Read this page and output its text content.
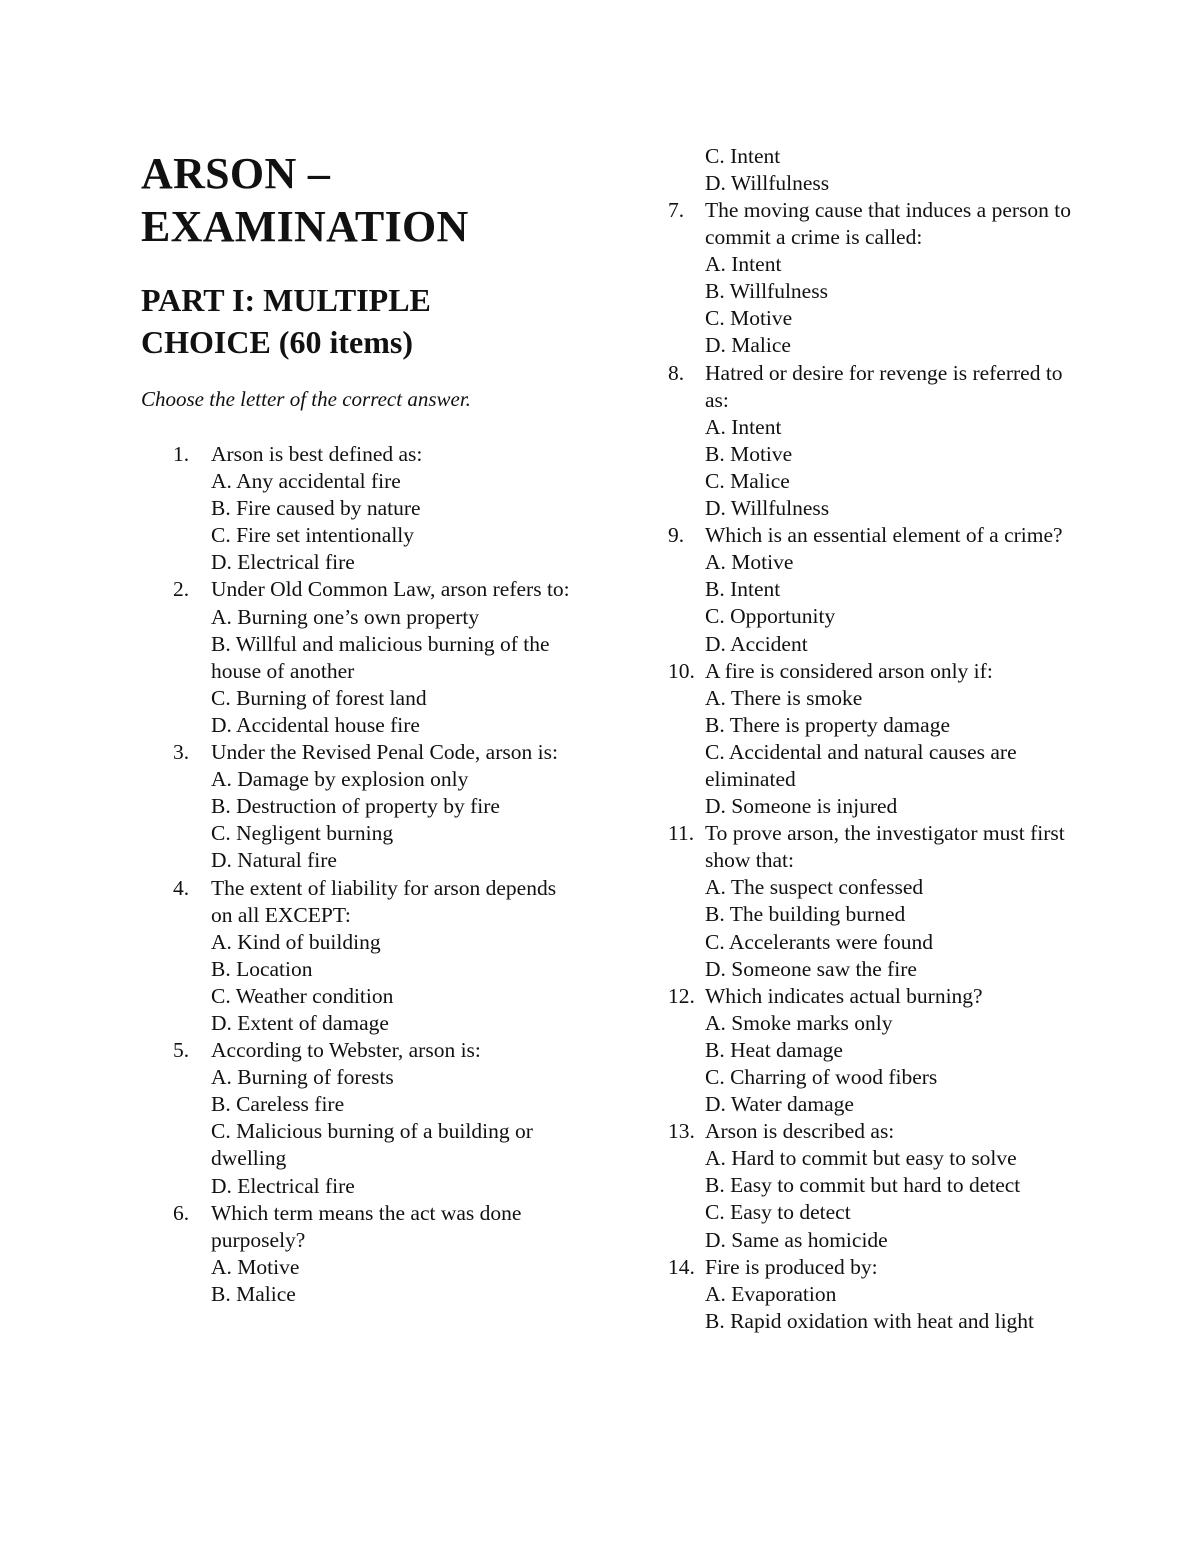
ARSON –
EXAMINATION
PART I: MULTIPLE
CHOICE (60 items)

Choose the letter of the correct answer.

1. Arson is best defined as:
A. Any accidental fire
B. Fire caused by nature
C. Fire set intentionally
D. Electrical fire
2. Under Old Common Law, arson refers to:
A. Burning one’s own property
B. Willful and malicious burning of the house of another
C. Burning of forest land
D. Accidental house fire
3. Under the Revised Penal Code, arson is:
A. Damage by explosion only
B. Destruction of property by fire
C. Negligent burning
D. Natural fire
4. The extent of liability for arson depends on all EXCEPT:
A. Kind of building
B. Location
C. Weather condition
D. Extent of damage
5. According to Webster, arson is:
A. Burning of forests
B. Careless fire
C. Malicious burning of a building or dwelling
D. Electrical fire
6. Which term means the act was done purposely?
A. Motive
B. Malice
C. Intent
D. Willfulness
7. The moving cause that induces a person to commit a crime is called:
A. Intent
B. Willfulness
C. Motive
D. Malice
8. Hatred or desire for revenge is referred to as:
A. Intent
B. Motive
C. Malice
D. Willfulness
9. Which is an essential element of a crime?
A. Motive
B. Intent
C. Opportunity
D. Accident
10. A fire is considered arson only if:
A. There is smoke
B. There is property damage
C. Accidental and natural causes are eliminated
D. Someone is injured
11. To prove arson, the investigator must first show that:
A. The suspect confessed
B. The building burned
C. Accelerants were found
D. Someone saw the fire
12. Which indicates actual burning?
A. Smoke marks only
B. Heat damage
C. Charring of wood fibers
D. Water damage
13. Arson is described as:
A. Hard to commit but easy to solve
B. Easy to commit but hard to detect
C. Easy to detect
D. Same as homicide
14. Fire is produced by:
A. Evaporation
B. Rapid oxidation with heat and light
